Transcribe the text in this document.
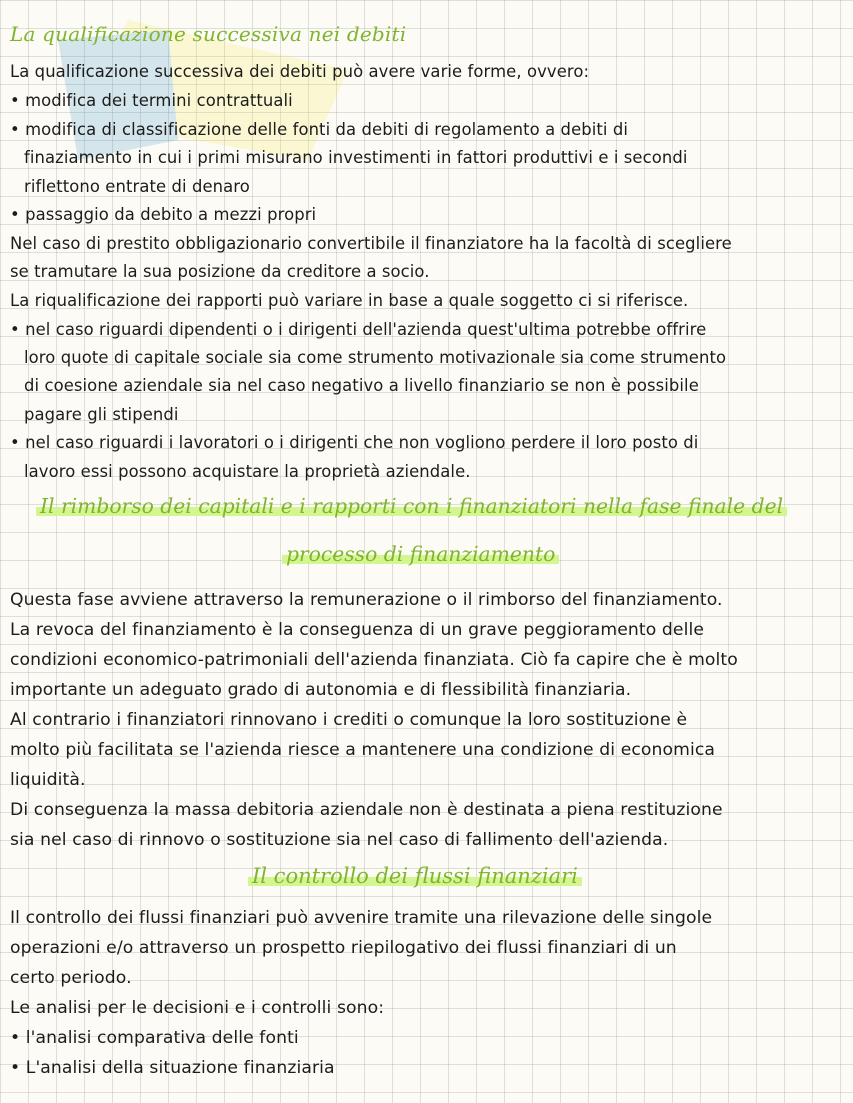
La qualificazione successiva nei debiti
La qualificazione successiva dei debiti può avere varie forme, ovvero:
• modifica dei termini contrattuali
• modifica di classificazione delle fonti da debiti di regolamento a debiti di
finaziamento in cui i primi misurano investimenti in fattori produttivi e i secondi
riflettono entrate di denaro
• passaggio da debito a mezzi propri
Nel caso di prestito obbligazionario convertibile il finanziatore ha la facoltà di scegliere
se tramutare la sua posizione da creditore a socio.
La riqualificazione dei rapporti può variare in base a quale soggetto ci si riferisce.
• nel caso riguardi dipendenti o i dirigenti dell'azienda quest'ultima potrebbe offrire
loro quote di capitale sociale sia come strumento motivazionale sia come strumento
di coesione aziendale sia nel caso negativo a livello finanziario se non è possibile
pagare gli stipendi
• nel caso riguardi i lavoratori o i dirigenti che non vogliono perdere il loro posto di
lavoro essi possono acquistare la proprietà aziendale.
Il rimborso dei capitali e i rapporti con i finanziatori nella fase finale del
processo di finanziamento
Questa fase avviene attraverso la remunerazione o il rimborso del finanziamento.
La revoca del finanziamento è la conseguenza di un grave peggioramento delle
condizioni economico-patrimoniali dell'azienda finanziata. Ciò fa capire che è molto
importante un adeguato grado di autonomia e di flessibilità finanziaria.
Al contrario i finanziatori rinnovano i crediti o comunque la loro sostituzione è
molto più facilitata se l'azienda riesce a mantenere una condizione di economica
liquidità.
Di conseguenza la massa debitoria aziendale non è destinata a piena restituzione
sia nel caso di rinnovo o sostituzione sia nel caso di fallimento dell'azienda.
Il controllo dei flussi finanziari
Il controllo dei flussi finanziari può avvenire tramite una rilevazione delle singole
operazioni e/o attraverso un prospetto riepilogativo dei flussi finanziari di un
certo periodo.
Le analisi per le decisioni e i controlli sono:
• l'analisi comparativa delle fonti
• L'analisi della situazione finanziaria
